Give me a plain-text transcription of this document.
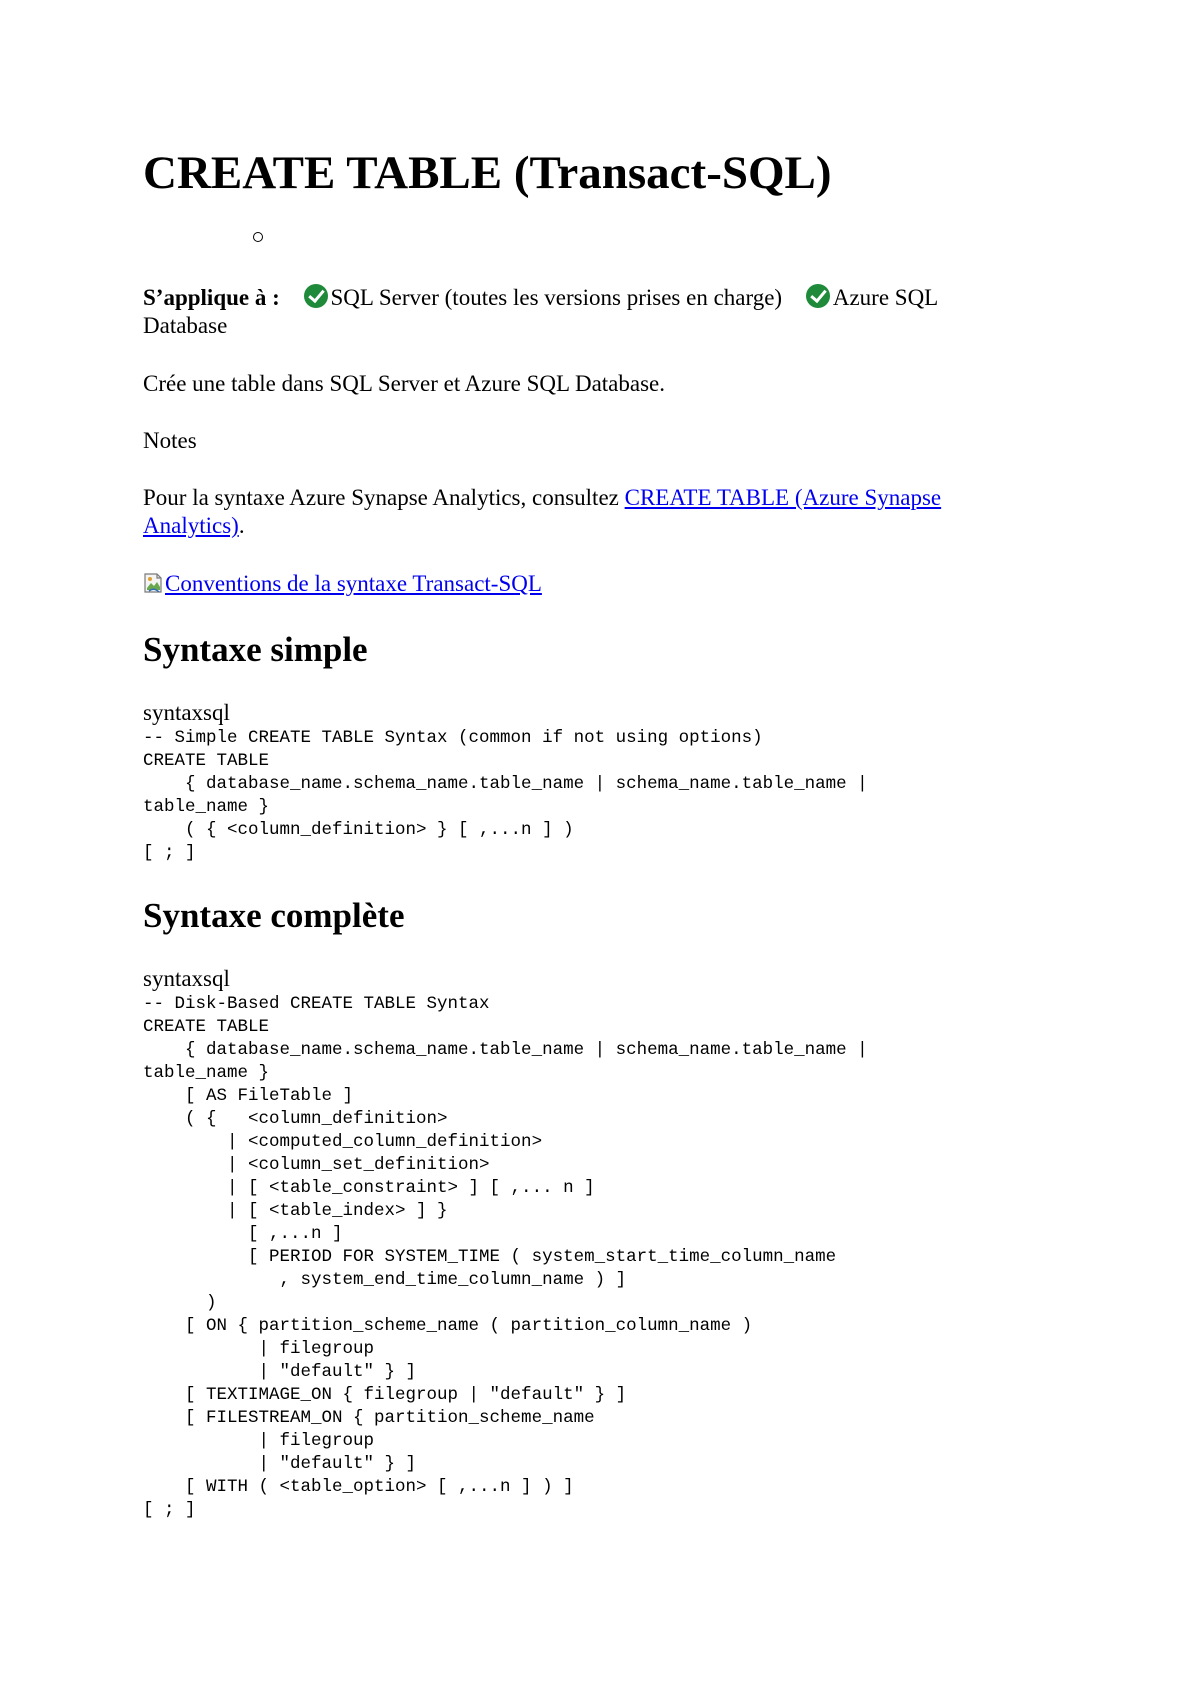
CREATE TABLE (Transact-SQL)
S’applique à : SQL Server (toutes les versions prises en charge) Azure SQL Database

Crée une table dans SQL Server et Azure SQL Database.

Notes

Pour la syntaxe Azure Synapse Analytics, consultez CREATE TABLE (Azure Synapse Analytics).

Conventions de la syntaxe Transact-SQL

Syntaxe simple
syntaxsql
-- Simple CREATE TABLE Syntax (common if not using options)
CREATE TABLE
{ database_name.schema_name.table_name | schema_name.table_name |
table_name }
( { <column_definition> } [ ,...n ] )
[ ; ]
Syntaxe complète
syntaxsql
-- Disk-Based CREATE TABLE Syntax
CREATE TABLE
{ database_name.schema_name.table_name | schema_name.table_name |
table_name }
[ AS FileTable ]
( {   <column_definition>
| <computed_column_definition>
| <column_set_definition>
| [ <table_constraint> ] [ ,... n ]
| [ <table_index> ] }
[ ,...n ]
[ PERIOD FOR SYSTEM_TIME ( system_start_time_column_name
, system_end_time_column_name ) ]
)
[ ON { partition_scheme_name ( partition_column_name )
| filegroup
| "default" } ]
[ TEXTIMAGE_ON { filegroup | "default" } ]
[ FILESTREAM_ON { partition_scheme_name
| filegroup
| "default" } ]
[ WITH ( <table_option> [ ,...n ] ) ]
[ ; ]
